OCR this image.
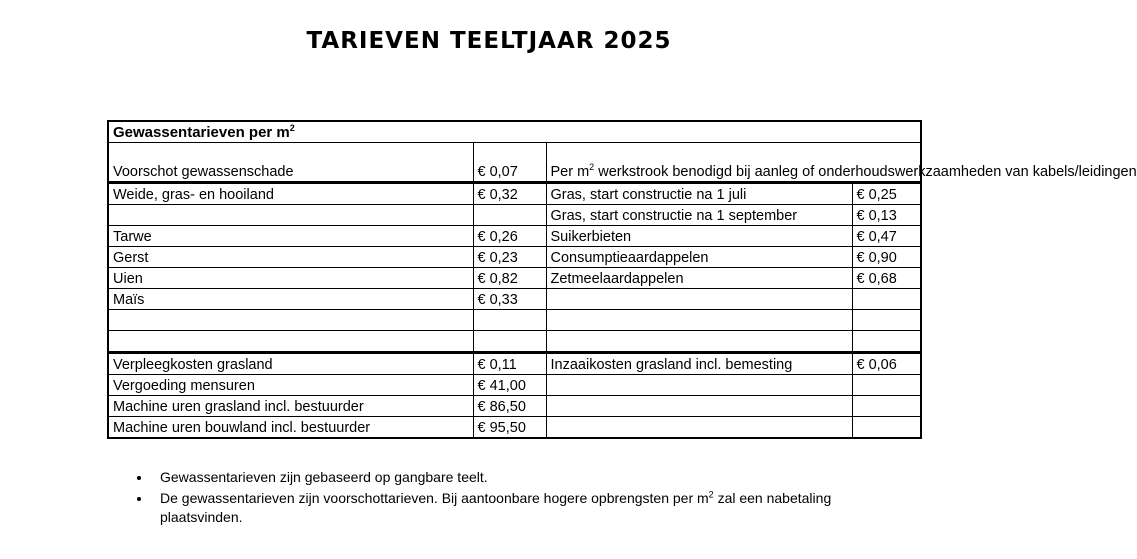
TARIEVEN TEELTJAAR 2025
Gewassentarieven per $m^2$
Voorschot gewassenschade	€ 0,07	Per $m^2$ werkstrook benodigd bij aanleg of onderhoudswerkzaamheden van kabels/leidingen	
Weide, gras- en hooiland	€ 0,32	Gras, start constructie na 1 juli	€ 0,25
		Gras, start constructie na 1 september	€ 0,13
Tarwe	€ 0,26	Suikerbieten	€ 0,47
Gerst	€ 0,23	Consumptieaardappelen	€ 0,90
Uien	€ 0,82	Zetmeelaardappelen	€ 0,68
Maïs	€ 0,33		

Verpleegkosten grasland	€ 0,11	Inzaaikosten grasland incl. bemesting	€ 0,06
Vergoeding mensuren	€ 41,00		
Machine uren grasland incl. bestuurder	€ 86,50		
Machine uren bouwland incl. bestuurder	€ 95,50		
• Gewassentarieven zijn gebaseerd op gangbare teelt.
• De gewassentarieven zijn voorschottarieven. Bij aantoonbare hogere opbrengsten per $m^2$ zal een nabetaling plaatsvinden.
